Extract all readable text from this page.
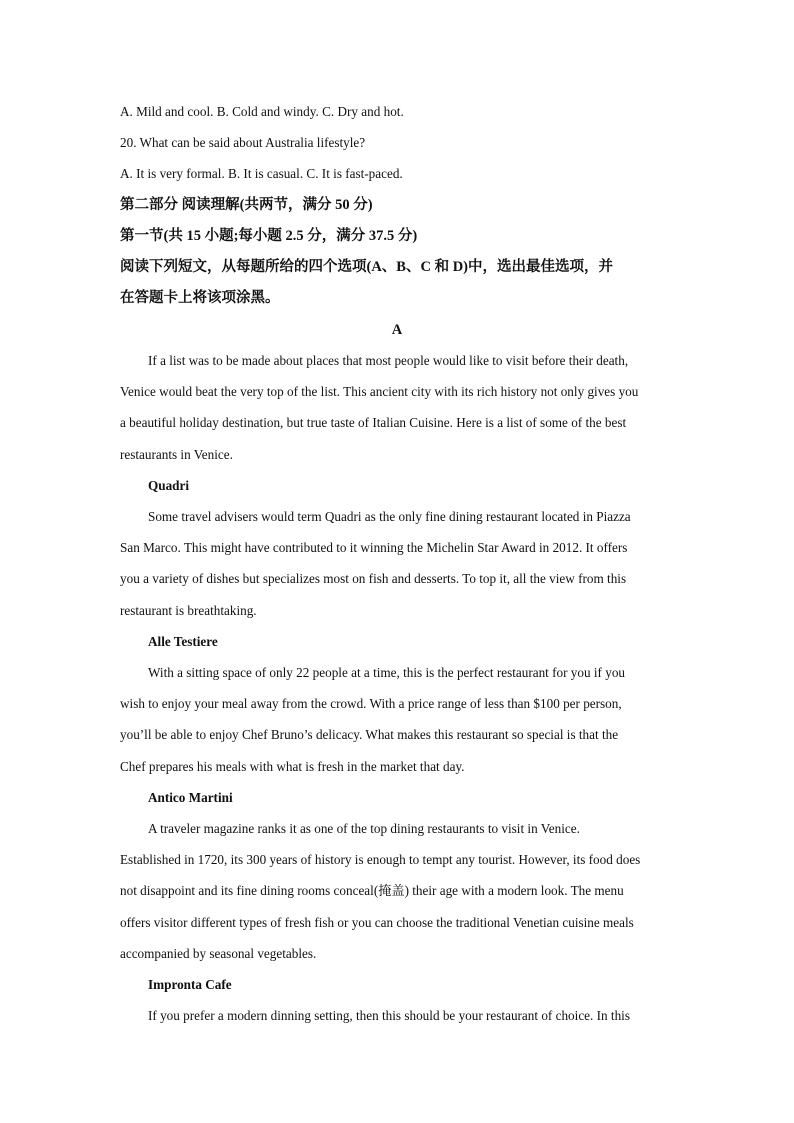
A. Mild and cool. B. Cold and windy. C. Dry and hot.
20. What can be said about Australia lifestyle?
A. It is very formal. B. It is casual. C. It is fast-paced.
第二部分 阅读理解(共两节，满分 50 分)
第一节(共 15 小题;每小题 2.5 分，满分 37.5 分)
阅读下列短文，从每题所给的四个选项(A、B、C 和 D)中，选出最佳选项，并
在答题卡上将该项涂黑。
A
If a list was to be made about places that most people would like to visit before their death,
Venice would beat the very top of the list. This ancient city with its rich history not only gives you
a beautiful holiday destination, but true taste of Italian Cuisine. Here is a list of some of the best
restaurants in Venice.
Quadri
Some travel advisers would term Quadri as the only fine dining restaurant located in Piazza
San Marco. This might have contributed to it winning the Michelin Star Award in 2012. It offers
you a variety of dishes but specializes most on fish and desserts. To top it, all the view from this
restaurant is breathtaking.
Alle Testiere
With a sitting space of only 22 people at a time, this is the perfect restaurant for you if you
wish to enjoy your meal away from the crowd. With a price range of less than $100 per person,
you’ll be able to enjoy Chef Bruno’s delicacy. What makes this restaurant so special is that the
Chef prepares his meals with what is fresh in the market that day.
Antico Martini
A traveler magazine ranks it as one of the top dining restaurants to visit in Venice.
Established in 1720, its 300 years of history is enough to tempt any tourist. However, its food does
not disappoint and its fine dining rooms conceal(掩盖) their age with a modern look. The menu
offers visitor different types of fresh fish or you can choose the traditional Venetian cuisine meals
accompanied by seasonal vegetables.
Impronta Cafe
If you prefer a modern dinning setting, then this should be your restaurant of choice. In this
